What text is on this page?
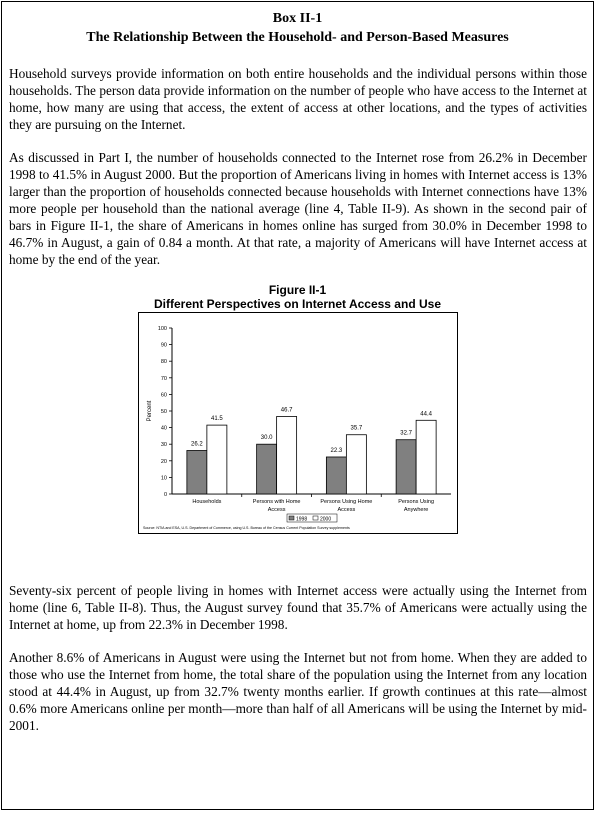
Box II-1
The Relationship Between the Household- and Person-Based Measures

Household surveys provide information on both entire households and the individual persons within those households. The person data provide information on the number of people who have access to the Internet at home, how many are using that access, the extent of access at other locations, and the types of activities they are pursuing on the Internet.

As discussed in Part I, the number of households connected to the Internet rose from 26.2% in December 1998 to 41.5% in August 2000. But the proportion of Americans living in homes with Internet access is 13% larger than the proportion of households connected because households with Internet connections have 13% more people per household than the national average (line 4, Table II-9). As shown in the second pair of bars in Figure II-1, the share of Americans in homes online has surged from 30.0% in December 1998 to 46.7% in August, a gain of 0.84 a month. At that rate, a majority of Americans will have Internet access at home by the end of the year.

Figure II-1
Different Perspectives on Internet Access and Use
0
10
20
30
40
50
60
70
80
90
100
Percent
26.2
41.5
Households
30.0
46.7
Persons with Home
Access
22.3
35.7
Persons Using Home
Access
32.7
44.4
Persons Using
Anywhere
1998	2000
Source: NTIA and ESA, U.S. Department of Commerce, using U.S. Bureau of the Census Current Population Survey supplements

Seventy-six percent of people living in homes with Internet access were actually using the Internet from home (line 6, Table II-8). Thus, the August survey found that 35.7% of Americans were actually using the Internet at home, up from 22.3% in December 1998.

Another 8.6% of Americans in August were using the Internet but not from home. When they are added to those who use the Internet from home, the total share of the population using the Internet from any location stood at 44.4% in August, up from 32.7% twenty months earlier. If growth continues at this rate—almost 0.6% more Americans online per month—more than half of all Americans will be using the Internet by mid-2001.
